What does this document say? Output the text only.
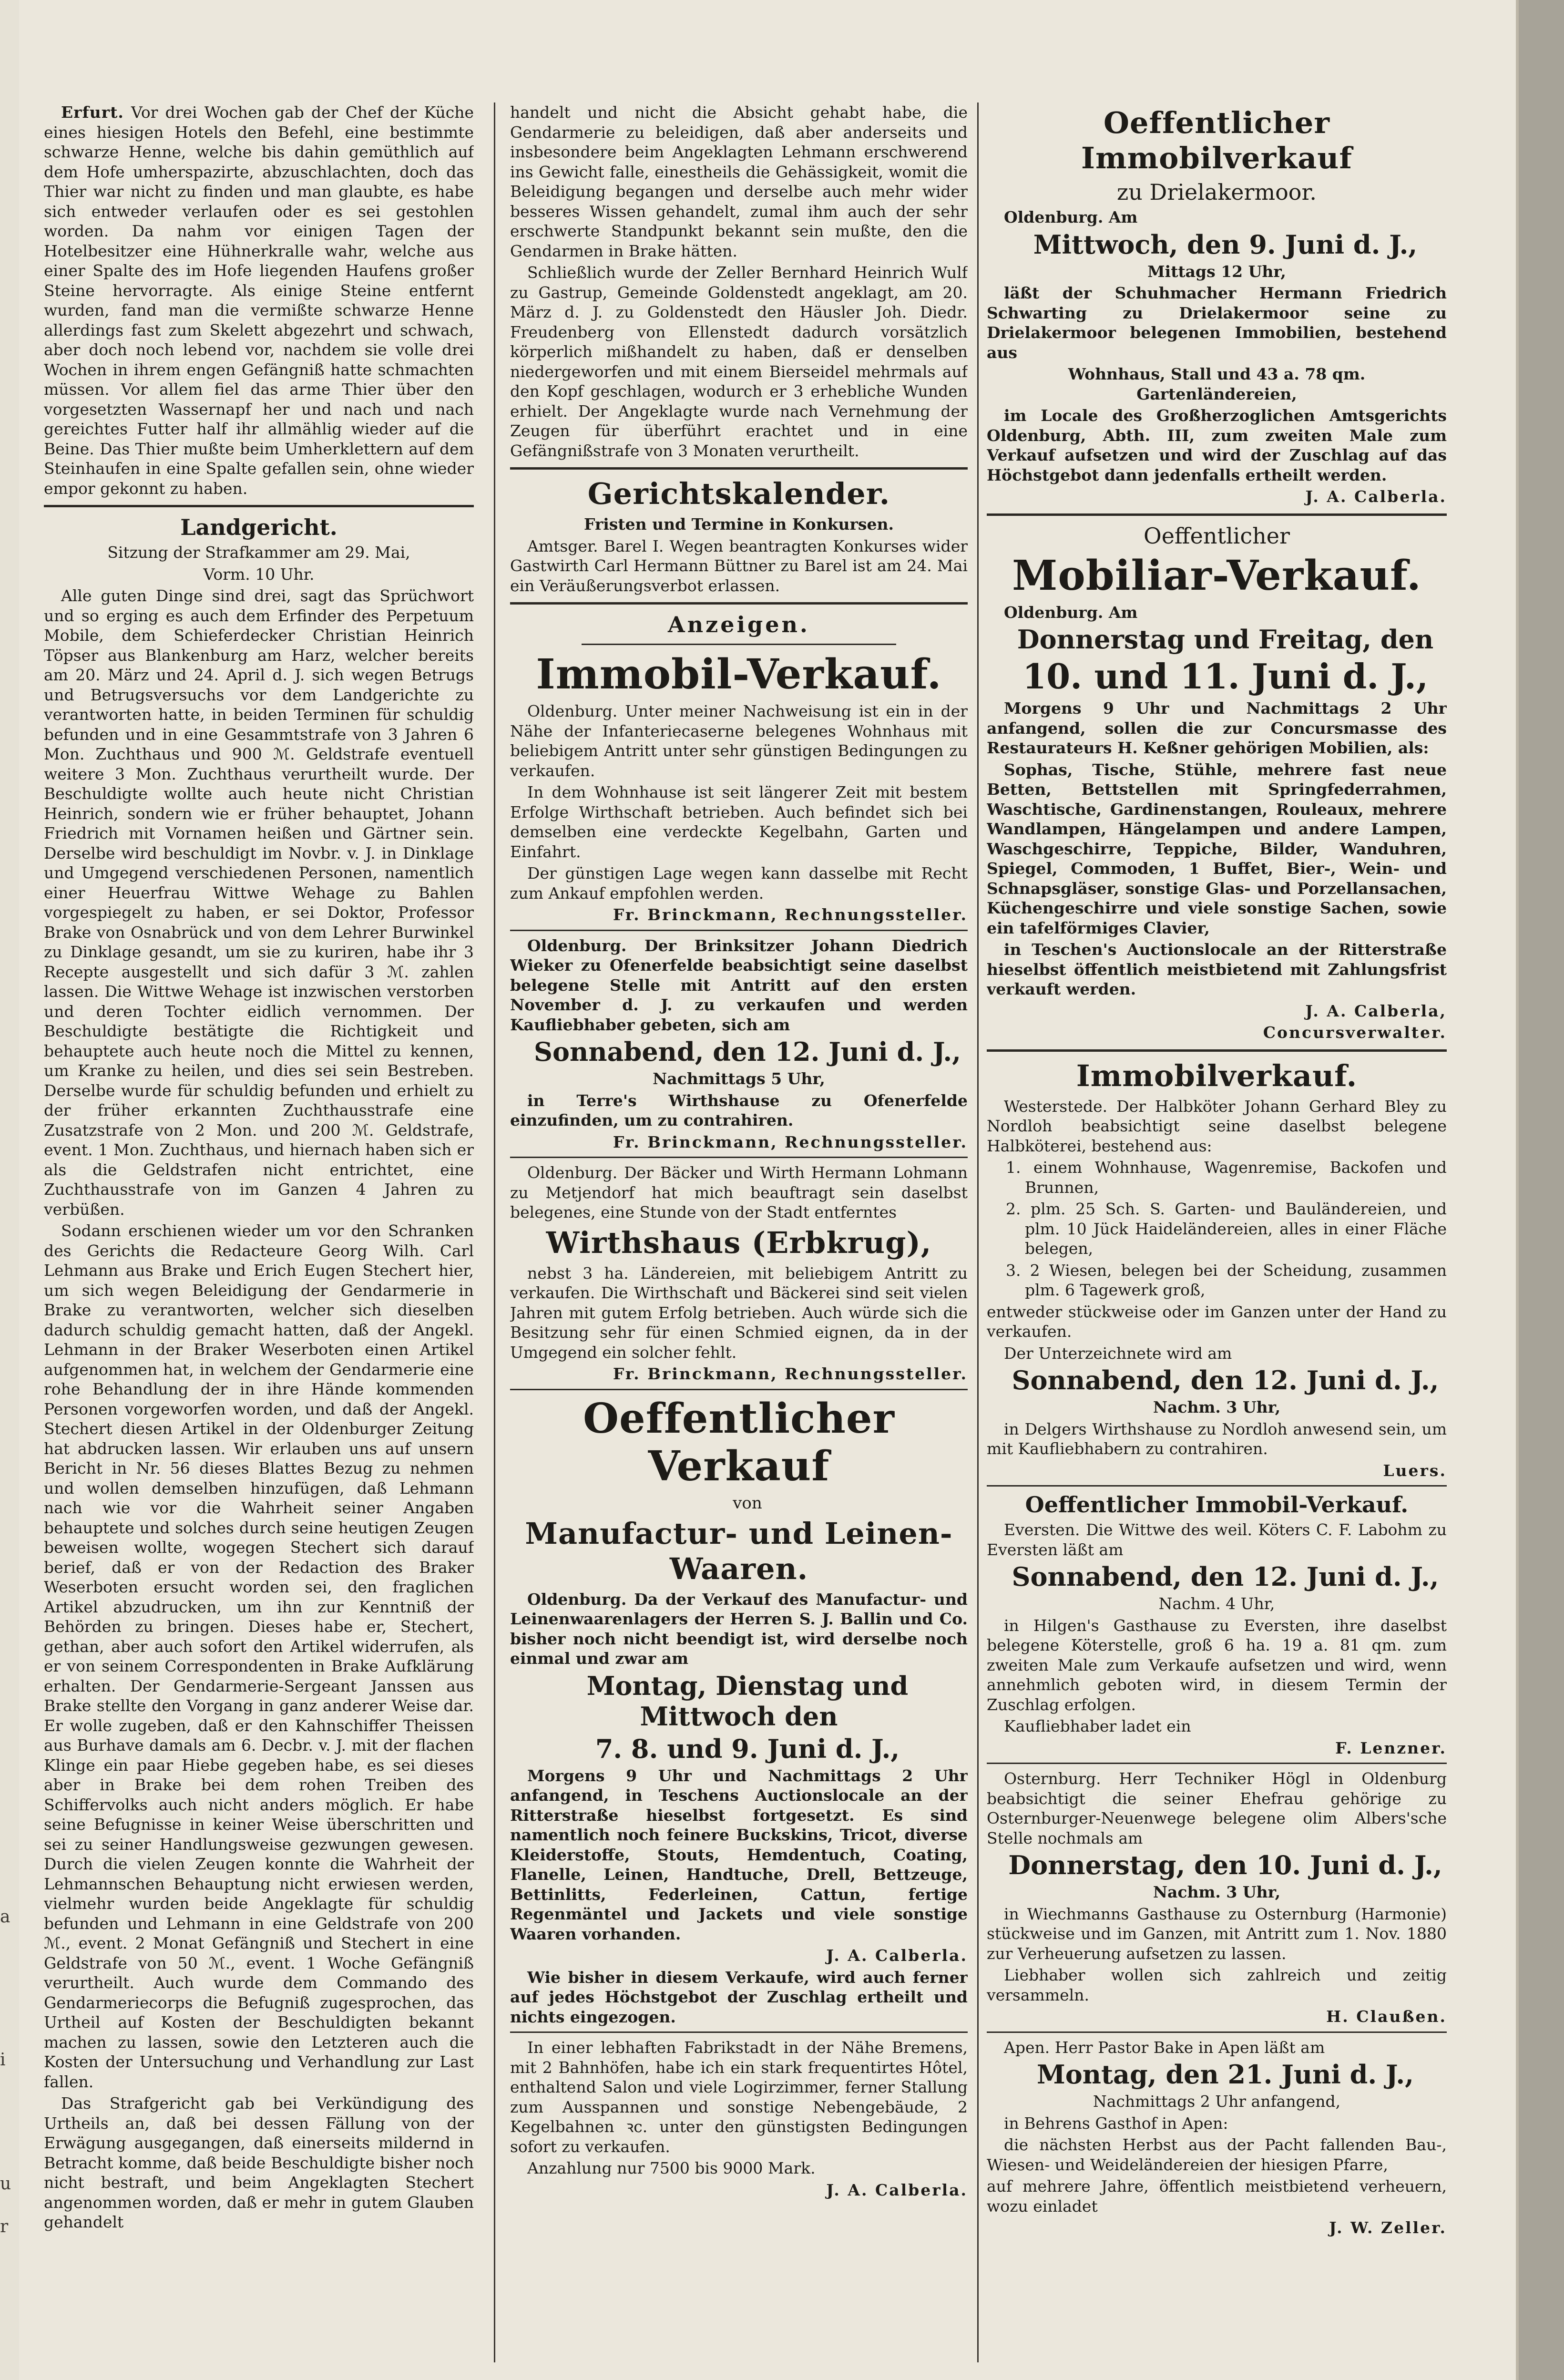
a
i
u
r

Erfurt. Vor drei Wochen gab der Chef der Küche eines hiesigen Hotels den Befehl, eine bestimmte schwarze Henne, welche bis dahin gemüthlich auf dem Hofe umherspazirte, abzuschlachten, doch das Thier war nicht zu finden und man glaubte, es habe sich entweder verlaufen oder es sei gestohlen worden. Da nahm vor einigen Tagen der Hotelbesitzer eine Hühnerkralle wahr, welche aus einer Spalte des im Hofe liegenden Haufens großer Steine hervorragte. Als einige Steine entfernt wurden, fand man die vermißte schwarze Henne allerdings fast zum Skelett abgezehrt und schwach, aber doch noch lebend vor, nachdem sie volle drei Wochen in ihrem engen Gefängniß hatte schmachten müssen. Vor allem fiel das arme Thier über den vorgesetzten Wassernapf her und nach und nach gereichtes Futter half ihr allmählig wieder auf die Beine. Das Thier mußte beim Umherklettern auf dem Steinhaufen in eine Spalte gefallen sein, ohne wieder empor gekonnt zu haben.

Landgericht.

Sitzung der Strafkammer am 29. Mai,

Vorm. 10 Uhr.

Alle guten Dinge sind drei, sagt das Sprüchwort und so erging es auch dem Erfinder des Perpetuum Mobile, dem Schieferdecker Christian Heinrich Töpser aus Blankenburg am Harz, welcher bereits am 20. März und 24. April d. J. sich wegen Betrugs und Betrugsversuchs vor dem Landgerichte zu verantworten hatte, in beiden Terminen für schuldig befunden und in eine Gesammtstrafe von 3 Jahren 6 Mon. Zuchthaus und 900 ℳ. Geldstrafe eventuell weitere 3 Mon. Zuchthaus verurtheilt wurde. Der Beschuldigte wollte auch heute nicht Christian Heinrich, sondern wie er früher behauptet, Johann Friedrich mit Vornamen heißen und Gärtner sein. Derselbe wird beschuldigt im Novbr. v. J. in Dinklage und Umgegend verschiedenen Personen, namentlich einer Heuerfrau Wittwe Wehage zu Bahlen vorgespiegelt zu haben, er sei Doktor, Professor Brake von Osnabrück und von dem Lehrer Burwinkel zu Dinklage gesandt, um sie zu kuriren, habe ihr 3 Recepte ausgestellt und sich dafür 3 ℳ. zahlen lassen. Die Wittwe Wehage ist inzwischen verstorben und deren Tochter eidlich vernommen. Der Beschuldigte bestätigte die Richtigkeit und behauptete auch heute noch die Mittel zu kennen, um Kranke zu heilen, und dies sei sein Bestreben. Derselbe wurde für schuldig befunden und erhielt zu der früher erkannten Zuchthausstrafe eine Zusatzstrafe von 2 Mon. und 200 ℳ. Geldstrafe, event. 1 Mon. Zuchthaus, und hiernach haben sich er als die Geldstrafen nicht entrichtet, eine Zuchthausstrafe von im Ganzen 4 Jahren zu verbüßen.

Sodann erschienen wieder um vor den Schranken des Gerichts die Redacteure Georg Wilh. Carl Lehmann aus Brake und Erich Eugen Stechert hier, um sich wegen Beleidigung der Gendarmerie in Brake zu verantworten, welcher sich dieselben dadurch schuldig gemacht hatten, daß der Angekl. Lehmann in der Braker Weserboten einen Artikel aufgenommen hat, in welchem der Gendarmerie eine rohe Behandlung der in ihre Hände kommenden Personen vorgeworfen worden, und daß der Angekl. Stechert diesen Artikel in der Oldenburger Zeitung hat abdrucken lassen. Wir erlauben uns auf unsern Bericht in Nr. 56 dieses Blattes Bezug zu nehmen und wollen demselben hinzufügen, daß Lehmann nach wie vor die Wahrheit seiner Angaben behauptete und solches durch seine heutigen Zeugen beweisen wollte, wogegen Stechert sich darauf berief, daß er von der Redaction des Braker Weserboten ersucht worden sei, den fraglichen Artikel abzudrucken, um ihn zur Kenntniß der Behörden zu bringen. Dieses habe er, Stechert, gethan, aber auch sofort den Artikel widerrufen, als er von seinem Correspondenten in Brake Aufklärung erhalten. Der Gendarmerie-Sergeant Janssen aus Brake stellte den Vorgang in ganz anderer Weise dar. Er wolle zugeben, daß er den Kahnschiffer Theissen aus Burhave damals am 6. Decbr. v. J. mit der flachen Klinge ein paar Hiebe gegeben habe, es sei dieses aber in Brake bei dem rohen Treiben des Schiffervolks auch nicht anders möglich. Er habe seine Befugnisse in keiner Weise überschritten und sei zu seiner Handlungsweise gezwungen gewesen. Durch die vielen Zeugen konnte die Wahrheit der Lehmannschen Behauptung nicht erwiesen werden, vielmehr wurden beide Angeklagte für schuldig befunden und Lehmann in eine Geldstrafe von 200 ℳ., event. 2 Monat Gefängniß und Stechert in eine Geldstrafe von 50 ℳ., event. 1 Woche Gefängniß verurtheilt. Auch wurde dem Commando des Gendarmeriecorps die Befugniß zugesprochen, das Urtheil auf Kosten der Beschuldigten bekannt machen zu lassen, sowie den Letzteren auch die Kosten der Untersuchung und Verhandlung zur Last fallen.

Das Strafgericht gab bei Verkündigung des Urtheils an, daß bei dessen Fällung von der Erwägung ausgegangen, daß einerseits mildernd in Betracht komme, daß beide Beschuldigte bisher noch nicht bestraft, und beim Angeklagten Stechert angenommen worden, daß er mehr in gutem Glauben gehandelt

handelt und nicht die Absicht gehabt habe, die Gendarmerie zu beleidigen, daß aber anderseits und insbesondere beim Angeklagten Lehmann erschwerend ins Gewicht falle, einestheils die Gehässigkeit, womit die Beleidigung begangen und derselbe auch mehr wider besseres Wissen gehandelt, zumal ihm auch der sehr erschwerte Standpunkt bekannt sein mußte, den die Gendarmen in Brake hätten.

Schließlich wurde der Zeller Bernhard Heinrich Wulf zu Gastrup, Gemeinde Goldenstedt angeklagt, am 20. März d. J. zu Goldenstedt den Häusler Joh. Diedr. Freudenberg von Ellenstedt dadurch vorsätzlich körperlich mißhandelt zu haben, daß er denselben niedergeworfen und mit einem Bierseidel mehrmals auf den Kopf geschlagen, wodurch er 3 erhebliche Wunden erhielt. Der Angeklagte wurde nach Vernehmung der Zeugen für überführt erachtet und in eine Gefängnißstrafe von 3 Monaten verurtheilt.

Gerichtskalender.

Fristen und Termine in Konkursen.

Amtsger. Barel I. Wegen beantragten Konkurses wider Gastwirth Carl Hermann Büttner zu Barel ist am 24. Mai ein Veräußerungsverbot erlassen.

Anzeigen.
Immobil-Verkauf.

Oldenburg. Unter meiner Nachweisung ist ein in der Nähe der Infanteriecaserne belegenes Wohnhaus mit beliebigem Antritt unter sehr günstigen Bedingungen zu verkaufen.

In dem Wohnhause ist seit längerer Zeit mit bestem Erfolge Wirthschaft betrieben. Auch befindet sich bei demselben eine verdeckte Kegelbahn, Garten und Einfahrt.

Der günstigen Lage wegen kann dasselbe mit Recht zum Ankauf empfohlen werden.

Fr. Brinckmann, Rechnungssteller.

Oldenburg. Der Brinksitzer Johann Diedrich Wieker zu Ofenerfelde beabsichtigt seine daselbst belegene Stelle mit Antritt auf den ersten November d. J. zu verkaufen und werden Kaufliebhaber gebeten, sich am

Sonnabend, den 12. Juni d. J.,

Nachmittags 5 Uhr,

in Terre's Wirthshause zu Ofenerfelde einzufinden, um zu contrahiren.

Fr. Brinckmann, Rechnungssteller.

Oldenburg. Der Bäcker und Wirth Hermann Lohmann zu Metjendorf hat mich beauftragt sein daselbst belegenes, eine Stunde von der Stadt entferntes

Wirthshaus (Erbkrug),

nebst 3 ha. Ländereien, mit beliebigem Antritt zu verkaufen. Die Wirthschaft und Bäckerei sind seit vielen Jahren mit gutem Erfolg betrieben. Auch würde sich die Besitzung sehr für einen Schmied eignen, da in der Umgegend ein solcher fehlt.

Fr. Brinckmann, Rechnungssteller.

Oeffentlicher Verkauf

von

Manufactur- und Leinen-Waaren.

Oldenburg. Da der Verkauf des Manufactur- und Leinenwaarenlagers der Herren S. J. Ballin und Co. bisher noch nicht beendigt ist, wird derselbe noch einmal und zwar am

Montag, Dienstag und Mittwoch den

7. 8. und 9. Juni d. J.,

Morgens 9 Uhr und Nachmittags 2 Uhr anfangend, in Teschens Auctionslocale an der Ritterstraße hieselbst fortgesetzt. Es sind namentlich noch feinere Buckskins, Tricot, diverse Kleiderstoffe, Stouts, Hemdentuch, Coating, Flanelle, Leinen, Handtuche, Drell, Bettzeuge, Bettinlitts, Federleinen, Cattun, fertige Regenmäntel und Jackets und viele sonstige Waaren vorhanden.

J. A. Calberla.

Wie bisher in diesem Verkaufe, wird auch ferner auf jedes Höchstgebot der Zuschlag ertheilt und nichts eingezogen.

In einer lebhaften Fabrikstadt in der Nähe Bremens, mit 2 Bahnhöfen, habe ich ein stark frequentirtes Hôtel, enthaltend Salon und viele Logirzimmer, ferner Stallung zum Ausspannen und sonstige Nebengebäude, 2 Kegelbahnen ꝛc. unter den günstigsten Bedingungen sofort zu verkaufen.

Anzahlung nur 7500 bis 9000 Mark.

J. A. Calberla.

Oeffentlicher Immobilverkauf
zu Drielakermoor.

Oldenburg. Am

Mittwoch, den 9. Juni d. J.,

Mittags 12 Uhr,

läßt der Schuhmacher Hermann Friedrich Schwarting zu Drielakermoor seine zu Drielakermoor belegenen Immobilien, bestehend aus

Wohnhaus, Stall und 43 a. 78 qm. Gartenländereien,

im Locale des Großherzoglichen Amtsgerichts Oldenburg, Abth. III, zum zweiten Male zum Verkauf aufsetzen und wird der Zuschlag auf das Höchstgebot dann jedenfalls ertheilt werden.

J. A. Calberla.

Oeffentlicher
Mobiliar-Verkauf.

Oldenburg. Am

Donnerstag und Freitag, den

10. und 11. Juni d. J.,

Morgens 9 Uhr und Nachmittags 2 Uhr anfangend, sollen die zur Concursmasse des Restaurateurs H. Keßner gehörigen Mobilien, als:

Sophas, Tische, Stühle, mehrere fast neue Betten, Bettstellen mit Springfederrahmen, Waschtische, Gardinenstangen, Rouleaux, mehrere Wandlampen, Hängelampen und andere Lampen, Waschgeschirre, Teppiche, Bilder, Wanduhren, Spiegel, Commoden, 1 Buffet, Bier-, Wein- und Schnapsgläser, sonstige Glas- und Porzellansachen, Küchengeschirre und viele sonstige Sachen, sowie ein tafelförmiges Clavier,

in Teschen's Auctionslocale an der Ritterstraße hieselbst öffentlich meistbietend mit Zahlungsfrist verkauft werden.

J. A. Calberla,

Concursverwalter.

Immobilverkauf.

Westerstede. Der Halbköter Johann Gerhard Bley zu Nordloh beabsichtigt seine daselbst belegene Halbköterei, bestehend aus:

1. einem Wohnhause, Wagenremise, Backofen und Brunnen,

2. plm. 25 Sch. S. Garten- und Bauländereien, und plm. 10 Jück Haideländereien, alles in einer Fläche belegen,

3. 2 Wiesen, belegen bei der Scheidung, zusammen plm. 6 Tagewerk groß,

entweder stückweise oder im Ganzen unter der Hand zu verkaufen.

Der Unterzeichnete wird am

Sonnabend, den 12. Juni d. J.,

Nachm. 3 Uhr,

in Delgers Wirthshause zu Nordloh anwesend sein, um mit Kaufliebhabern zu contrahiren.

Luers.

Oeffentlicher Immobil-Verkauf.

Eversten. Die Wittwe des weil. Köters C. F. Labohm zu Eversten läßt am

Sonnabend, den 12. Juni d. J.,

Nachm. 4 Uhr,

in Hilgen's Gasthause zu Eversten, ihre daselbst belegene Köterstelle, groß 6 ha. 19 a. 81 qm. zum zweiten Male zum Verkaufe aufsetzen und wird, wenn annehmlich geboten wird, in diesem Termin der Zuschlag erfolgen.

Kaufliebhaber ladet ein

F. Lenzner.

Osternburg. Herr Techniker Högl in Oldenburg beabsichtigt die seiner Ehefrau gehörige zu Osternburger-Neuenwege belegene olim Albers'sche Stelle nochmals am

Donnerstag, den 10. Juni d. J.,

Nachm. 3 Uhr,

in Wiechmanns Gasthause zu Osternburg (Harmonie) stückweise und im Ganzen, mit Antritt zum 1. Nov. 1880 zur Verheuerung aufsetzen zu lassen.

Liebhaber wollen sich zahlreich und zeitig versammeln.

H. Claußen.

Apen. Herr Pastor Bake in Apen läßt am

Montag, den 21. Juni d. J.,

Nachmittags 2 Uhr anfangend,

in Behrens Gasthof in Apen:

die nächsten Herbst aus der Pacht fallenden Bau-, Wiesen- und Weideländereien der hiesigen Pfarre,

auf mehrere Jahre, öffentlich meistbietend verheuern, wozu einladet

J. W. Zeller.
